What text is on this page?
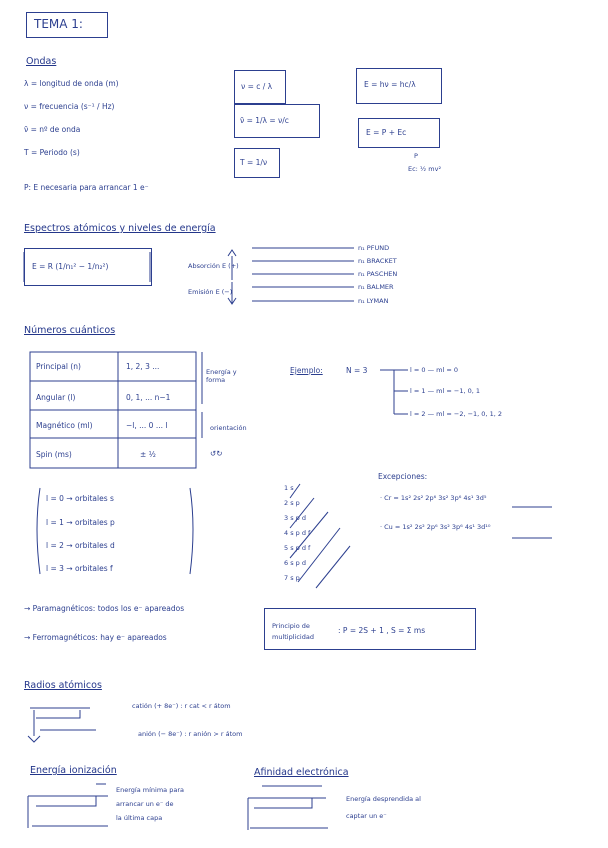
TEMA 1:
Ondas
λ = longitud de onda (m)
ν = frecuencia (s⁻¹ / Hz)
ν̄ = nº de onda
T = Periodo (s)
P: E necesaria para arrancar 1 e⁻
ν = c / λ
ν̄ = 1/λ = ν/c
T = 1/ν
E = hν = hc/λ
E = P + Ec
P
Ec: ½ mv²
Espectros atómicos y niveles de energía
E = R (1/n₁² − 1/n₂²)	Absorción E (+)
Emisión E (−)
n₁ PFUND
n₁ BRACKET
n₁ PASCHEN
n₁ BALMER
n₁ LYMAN
Números cuánticos
Principal (n)	1, 2, 3 ...
Angular (l)	0, 1, ... n−1
Magnético (ml)	−l, ... 0 ... l
Spin (ms)	± ½
Energía y forma
orientación
↺↻
Ejemplo:	N = 3	l = 0 — ml = 0
l = 1 — ml = −1, 0, 1
l = 2 — ml = −2, −1, 0, 1, 2
l = 0 → orbitales s
l = 1 → orbitales p
l = 2 → orbitales d
l = 3 → orbitales f
1 s
2 s p
3 s p d
4 s p d f
5 s p d f
6 s p d
7 s p
Excepciones:
· Cr = 1s² 2s² 2p⁶ 3s² 3p⁶ 4s¹ 3d⁵
· Cu = 1s² 2s² 2p⁶ 3s² 3p⁶ 4s¹ 3d¹⁰
→ Paramagnéticos: todos los e⁻ apareados
→ Ferromagnéticos: hay e⁻ apareados
Principio de multiplicidad
: P = 2S + 1 , S = Σ ms
Radios atómicos
catión (+ 8e⁻) : r cat < r átom
anión (− 8e⁻) : r anión > r átom
Energía ionización
Energía mínima para
arrancar un e⁻ de
la última capa
Afinidad electrónica
Energía desprendida al
captar un e⁻
